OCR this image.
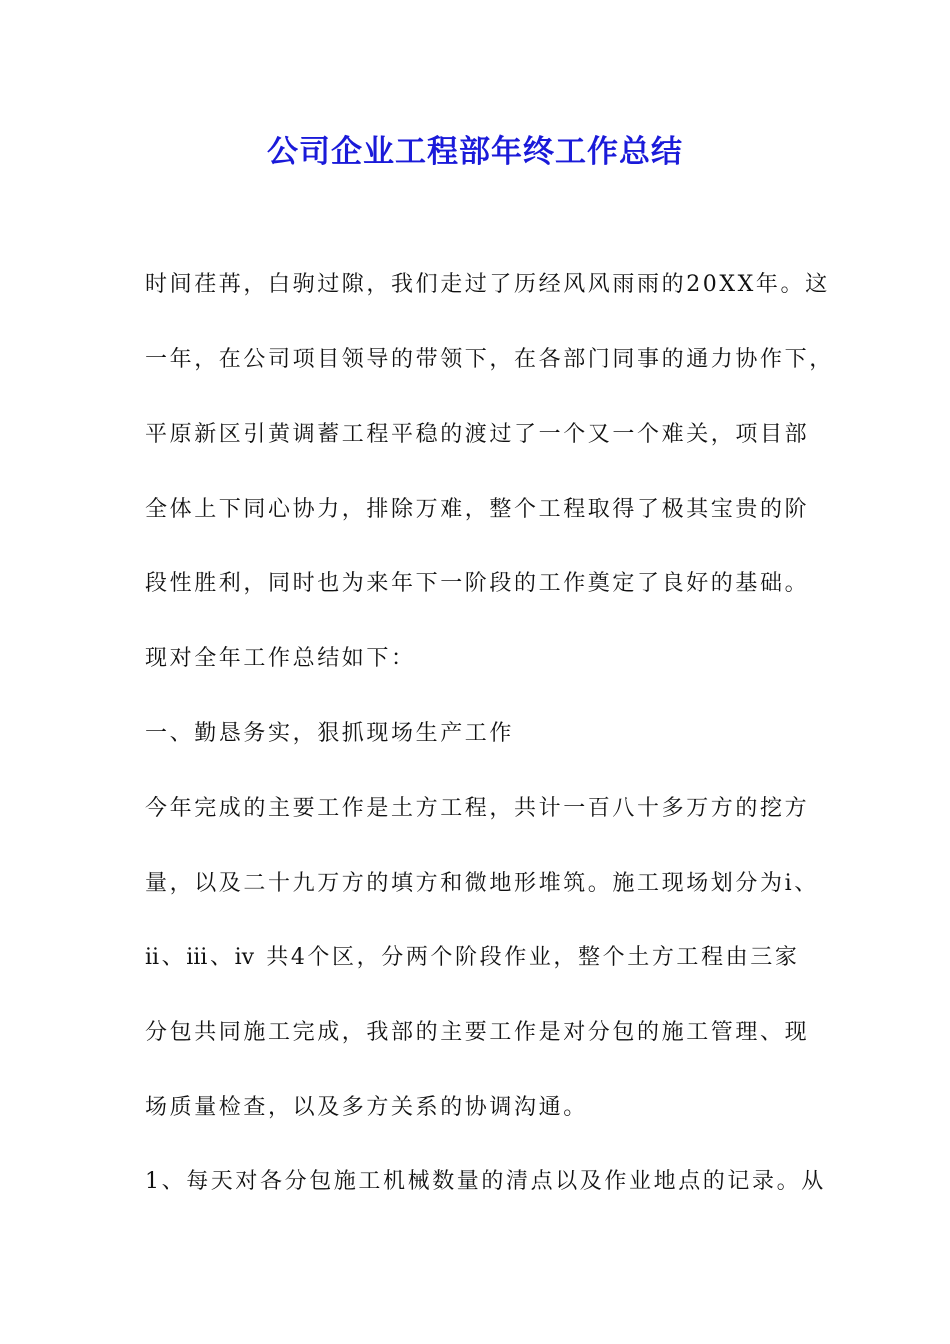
公司企业工程部年终工作总结
时间荏苒，白驹过隙，我们走过了历经风风雨雨的20XX年。这
一年，在公司项目领导的带领下，在各部门同事的通力协作下，
平原新区引黄调蓄工程平稳的渡过了一个又一个难关，项目部
全体上下同心协力，排除万难，整个工程取得了极其宝贵的阶
段性胜利，同时也为来年下一阶段的工作奠定了良好的基础。
现对全年工作总结如下：
一、勤恳务实，狠抓现场生产工作
今年完成的主要工作是土方工程，共计一百八十多万方的挖方
量，以及二十九万方的填方和微地形堆筑。施工现场划分为ⅰ、
ⅱ、ⅲ、ⅳ 共4个区，分两个阶段作业，整个土方工程由三家
分包共同施工完成，我部的主要工作是对分包的施工管理、现
场质量检查，以及多方关系的协调沟通。
1、每天对各分包施工机械数量的清点以及作业地点的记录。从
